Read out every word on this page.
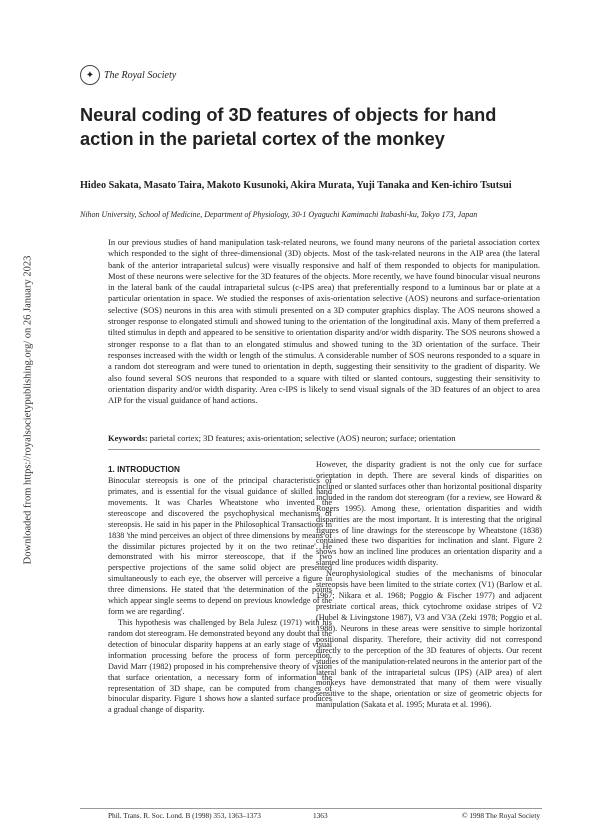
Downloaded from https://royalsocietypublishing.org/ on 26 January 2023
✦ The Royal Society
Neural coding of 3D features of objects for hand action in the parietal cortex of the monkey
Hideo Sakata, Masato Taira, Makoto Kusunoki, Akira Murata, Yuji Tanaka and Ken-ichiro Tsutsui
Nihon University, School of Medicine, Department of Physiology, 30-1 Oyaguchi Kamimachi Itabashi-ku, Tokyo 173, Japan
In our previous studies of hand manipulation task-related neurons, we found many neurons of the parietal association cortex which responded to the sight of three-dimensional (3D) objects. Most of the task-related neurons in the AIP area (the lateral bank of the anterior intraparietal sulcus) were visually responsive and half of them responded to objects for manipulation. Most of these neurons were selective for the 3D features of the objects. More recently, we have found binocular visual neurons in the lateral bank of the caudal intraparietal sulcus (c-IPS area) that preferentially respond to a luminous bar or plate at a particular orientation in space. We studied the responses of axis-orientation selective (AOS) neurons and surface-orientation selective (SOS) neurons in this area with stimuli presented on a 3D computer graphics display. The AOS neurons showed a stronger response to elongated stimuli and showed tuning to the orientation of the longitudinal axis. Many of them preferred a tilted stimulus in depth and appeared to be sensitive to orientation disparity and/or width disparity. The SOS neurons showed a stronger response to a flat than to an elongated stimulus and showed tuning to the 3D orientation of the surface. Their responses increased with the width or length of the stimulus. A considerable number of SOS neurons responded to a square in a random dot stereogram and were tuned to orientation in depth, suggesting their sensitivity to the gradient of disparity. We also found several SOS neurons that responded to a square with tilted or slanted contours, suggesting their sensitivity to orientation disparity and/or width disparity. Area c-IPS is likely to send visual signals of the 3D features of an object to area AIP for the visual guidance of hand actions.
Keywords: parietal cortex; 3D features; axis-orientation; selective (AOS) neuron; surface; orientation
1. INTRODUCTION

Binocular stereopsis is one of the principal characteristics of primates, and is essential for the visual guidance of skilled hand movements. It was Charles Wheatstone who invented the stereoscope and discovered the psychophysical mechanisms of stereopsis. He said in his paper in the Philosophical Transactions in 1838 'the mind perceives an object of three dimensions by means of the dissimilar pictures projected by it on the two retinae'. He demonstrated with his mirror stereoscope, that if the two perspective projections of the same solid object are presented simultaneously to each eye, the observer will perceive a figure in three dimensions. He stated that 'the determination of the points which appear single seems to depend on previous knowledge of the form we are regarding'.

This hypothesis was challenged by Bela Julesz (1971) with his random dot stereogram. He demonstrated beyond any doubt that the detection of binocular disparity happens at an early stage of visual information processing before the process of form perception. David Marr (1982) proposed in his comprehensive theory of vision that surface orientation, a necessary form of information the representation of 3D shape, can be computed from changes of binocular disparity. Figure 1 shows how a slanted surface produces a gradual change of disparity.

However, the disparity gradient is not the only cue for surface orientation in depth. There are several kinds of disparities on inclined or slanted surfaces other than horizontal positional disparity included in the random dot stereogram (for a review, see Howard & Rogers 1995). Among these, orientation disparities and width disparities are the most important. It is interesting that the original figures of line drawings for the stereoscope by Wheatstone (1838) contained these two disparities for inclination and slant. Figure 2 shows how an inclined line produces an orientation disparity and a slanted line produces width disparity.

Neurophysiological studies of the mechanisms of binocular stereopsis have been limited to the striate cortex (V1) (Barlow et al. 1967; Nikara et al. 1968; Poggio & Fischer 1977) and adjacent prestriate cortical areas, thick cytochrome oxidase stripes of V2 (Hubel & Livingstone 1987), V3 and V3A (Zeki 1978; Poggio et al. 1988). Neurons in these areas were sensitive to simple horizontal positional disparity. Therefore, their activity did not correspond directly to the perception of the 3D features of objects. Our recent studies of the manipulation-related neurons in the anterior part of the lateral bank of the intraparietal sulcus (IPS) (AIP area) of alert monkeys have demonstrated that many of them were visually sensitive to the shape, orientation or size of geometric objects for manipulation (Sakata et al. 1995; Murata et al. 1996).

Phil. Trans. R. Soc. Lond. B (1998) 353, 1363–1373	1363	© 1998 The Royal Society
